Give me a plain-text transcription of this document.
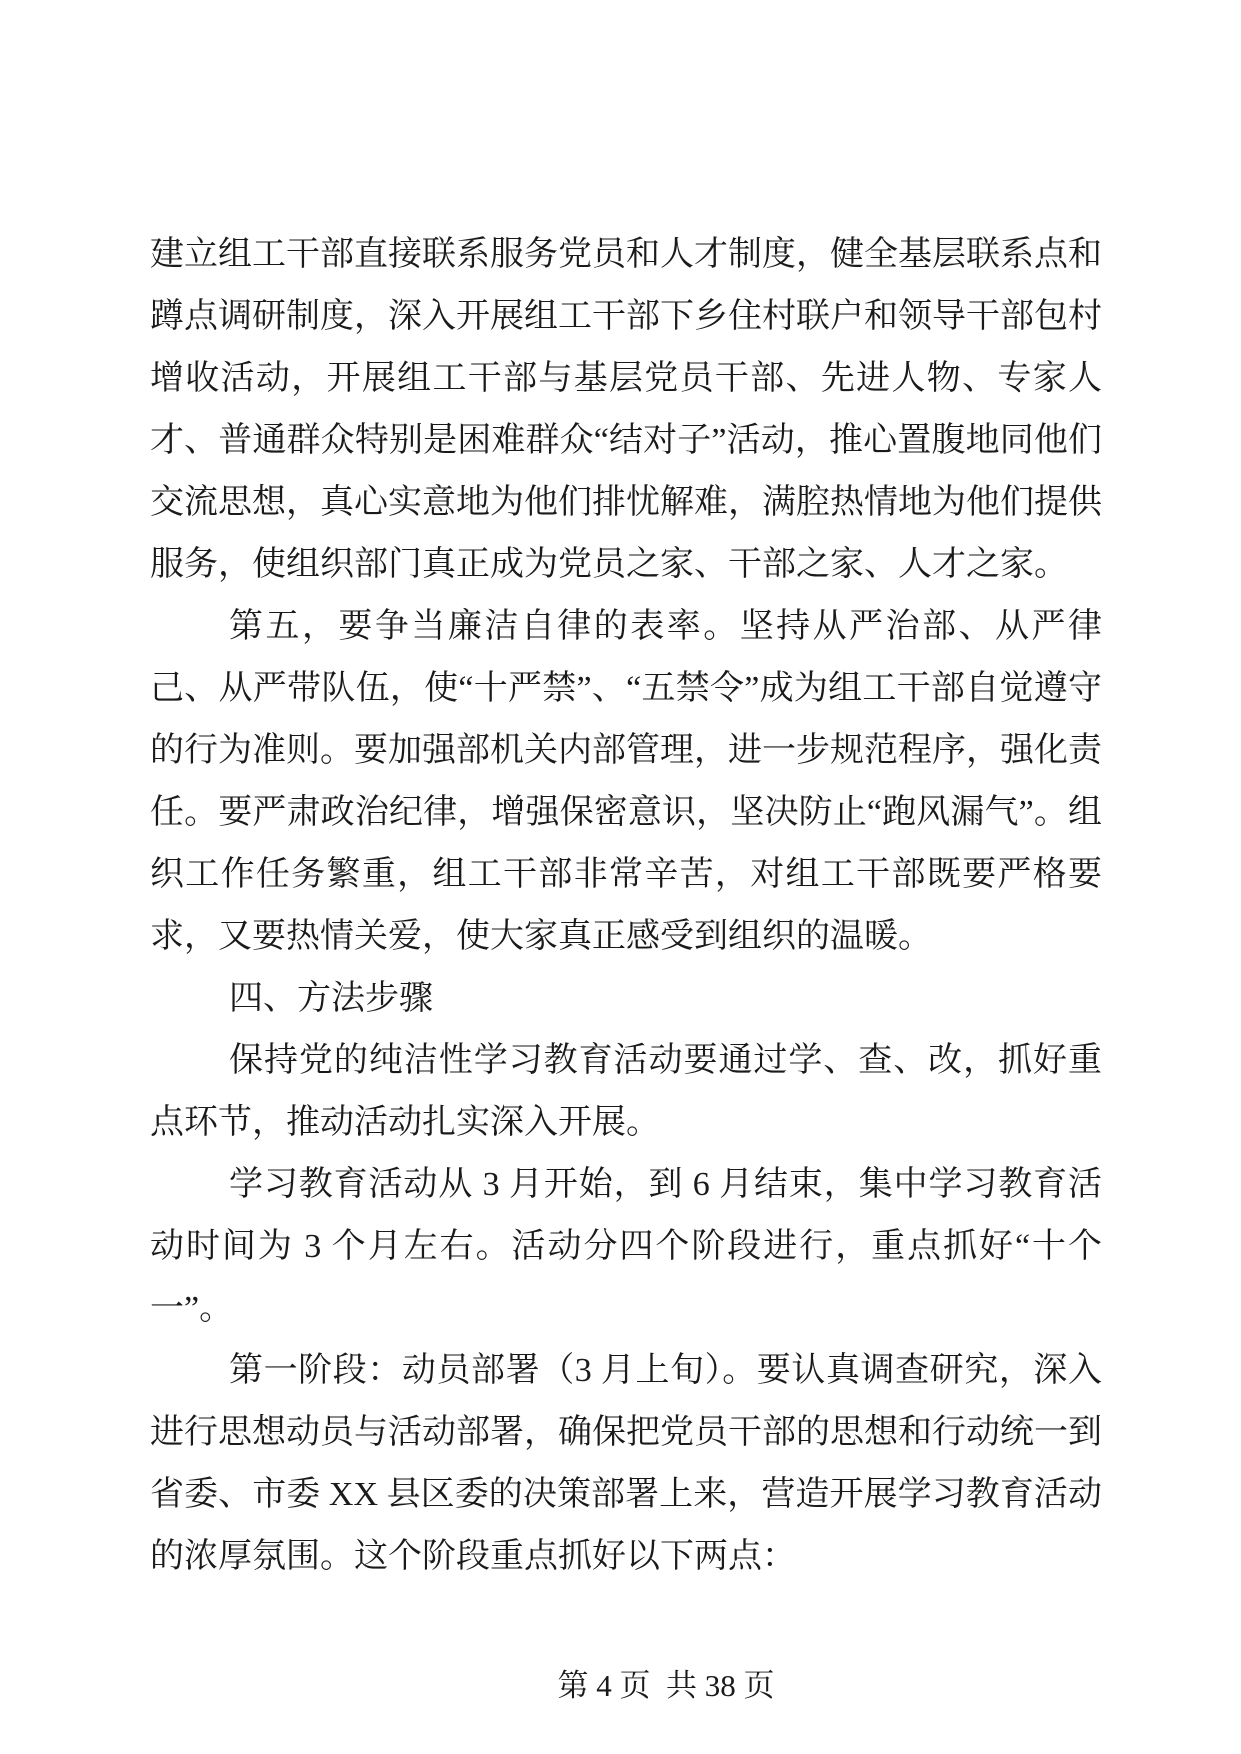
建立组工干部直接联系服务党员和人才制度，健全基层联系点和蹲点调研制度，深入开展组工干部下乡住村联户和领导干部包村增收活动，开展组工干部与基层党员干部、先进人物、专家人才、普通群众特别是困难群众“结对子”活动，推心置腹地同他们交流思想，真心实意地为他们排忧解难，满腔热情地为他们提供服务，使组织部门真正成为党员之家、干部之家、人才之家。

第五，要争当廉洁自律的表率。坚持从严治部、从严律己、从严带队伍，使“十严禁”、“五禁令”成为组工干部自觉遵守的行为准则。要加强部机关内部管理，进一步规范程序，强化责任。要严肃政治纪律，增强保密意识，坚决防止“跑风漏气”。组织工作任务繁重，组工干部非常辛苦，对组工干部既要严格要求，又要热情关爱，使大家真正感受到组织的温暖。

四、方法步骤

保持党的纯洁性学习教育活动要通过学、查、改，抓好重点环节，推动活动扎实深入开展。

学习教育活动从 3 月开始，到 6 月结束，集中学习教育活动时间为 3 个月左右。活动分四个阶段进行，重点抓好“十个一”。

第一阶段：动员部署（3 月上旬）。要认真调查研究，深入进行思想动员与活动部署，确保把党员干部的思想和行动统一到省委、市委 XX 县区委的决策部署上来，营造开展学习教育活动的浓厚氛围。这个阶段重点抓好以下两点：

第 4 页  共 38 页
